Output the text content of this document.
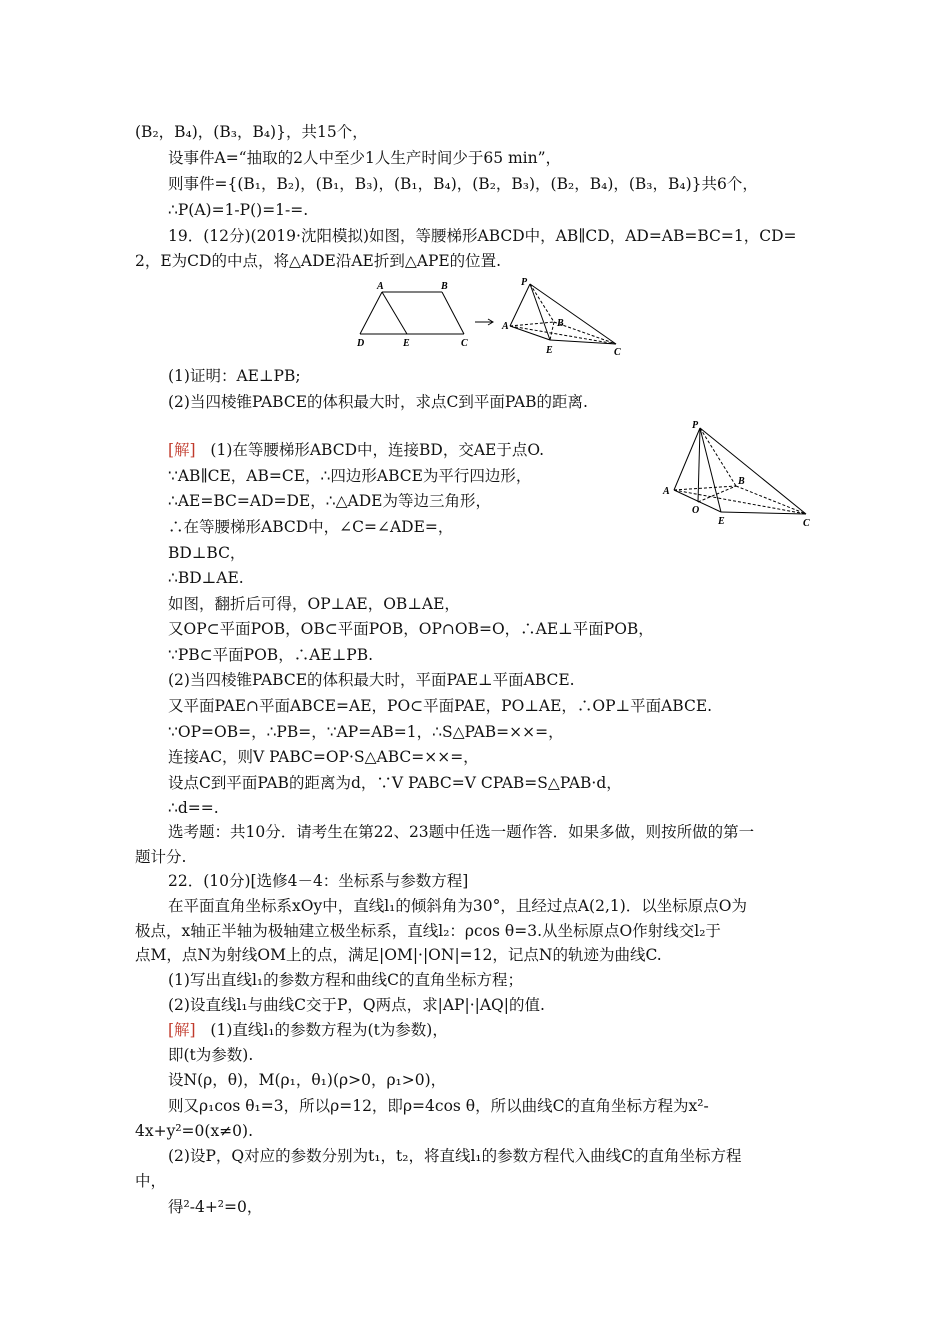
(B₂，B₄)，(B₃，B₄)}，共15个，
设事件A=“抽取的2人中至少1人生产时间少于65 min”，
则事件={(B₁，B₂)，(B₁，B₃)，(B₁，B₄)，(B₂，B₃)，(B₂，B₄)，(B₃，B₄)}共6个，
∴P(A)=1-P()=1-=.
19．(12分)(2019·沈阳模拟)如图，等腰梯形ABCD中，AB∥CD，AD=AB=BC=1，CD=
2，E为CD的中点，将△ADE沿AE折到△APE的位置.
A	B
D	E	C
P
A	B
E	C
(1)证明：AE⊥PB;
(2)当四棱锥PABCE的体积最大时，求点C到平面PAB的距离.
[解] (1)在等腰梯形ABCD中，连接BD，交AE于点O.
∵AB∥CE，AB=CE，∴四边形ABCE为平行四边形，
∴AE=BC=AD=DE，∴△ADE为等边三角形，
∴在等腰梯形ABCD中，∠C=∠ADE=，
BD⊥BC，
∴BD⊥AE.
如图，翻折后可得，OP⊥AE，OB⊥AE，
又OP⊂平面POB，OB⊂平面POB，OP∩OB=O，∴AE⊥平面POB，
∵PB⊂平面POB，∴AE⊥PB.
(2)当四棱锥PABCE的体积最大时，平面PAE⊥平面ABCE.
又平面PAE∩平面ABCE=AE，PO⊂平面PAE，PO⊥AE，∴OP⊥平面ABCE.
∵OP=OB=，∴PB=，∵AP=AB=1，∴S△PAB=××=，
连接AC，则V PABC=OP·S△ABC=××=，
设点C到平面PAB的距离为d，∵V PABC=V CPAB=S△PAB·d，
∴d==.
P
A
B
O
E	C
选考题：共10分．请考生在第22、23题中任选一题作答．如果多做，则按所做的第一
题计分.
22．(10分)[选修4－4：坐标系与参数方程]
在平面直角坐标系xOy中，直线l₁的倾斜角为30°，且经过点A(2,1)．以坐标原点O为
极点，x轴正半轴为极轴建立极坐标系，直线l₂：ρcos θ=3.从坐标原点O作射线交l₂于
点M，点N为射线OM上的点，满足|OM|·|ON|=12，记点N的轨迹为曲线C.
(1)写出直线l₁的参数方程和曲线C的直角坐标方程；
(2)设直线l₁与曲线C交于P，Q两点，求|AP|·|AQ|的值.
[解] (1)直线l₁的参数方程为(t为参数)，
即(t为参数).
设N(ρ，θ)，M(ρ₁，θ₁)(ρ>0，ρ₁>0)，
则又ρ₁cos θ₁=3，所以ρ=12，即ρ=4cos θ，所以曲线C的直角坐标方程为x²-
4x+y²=0(x≠0).
(2)设P，Q对应的参数分别为t₁，t₂，将直线l₁的参数方程代入曲线C的直角坐标方程
中，
得²-4+²=0，
